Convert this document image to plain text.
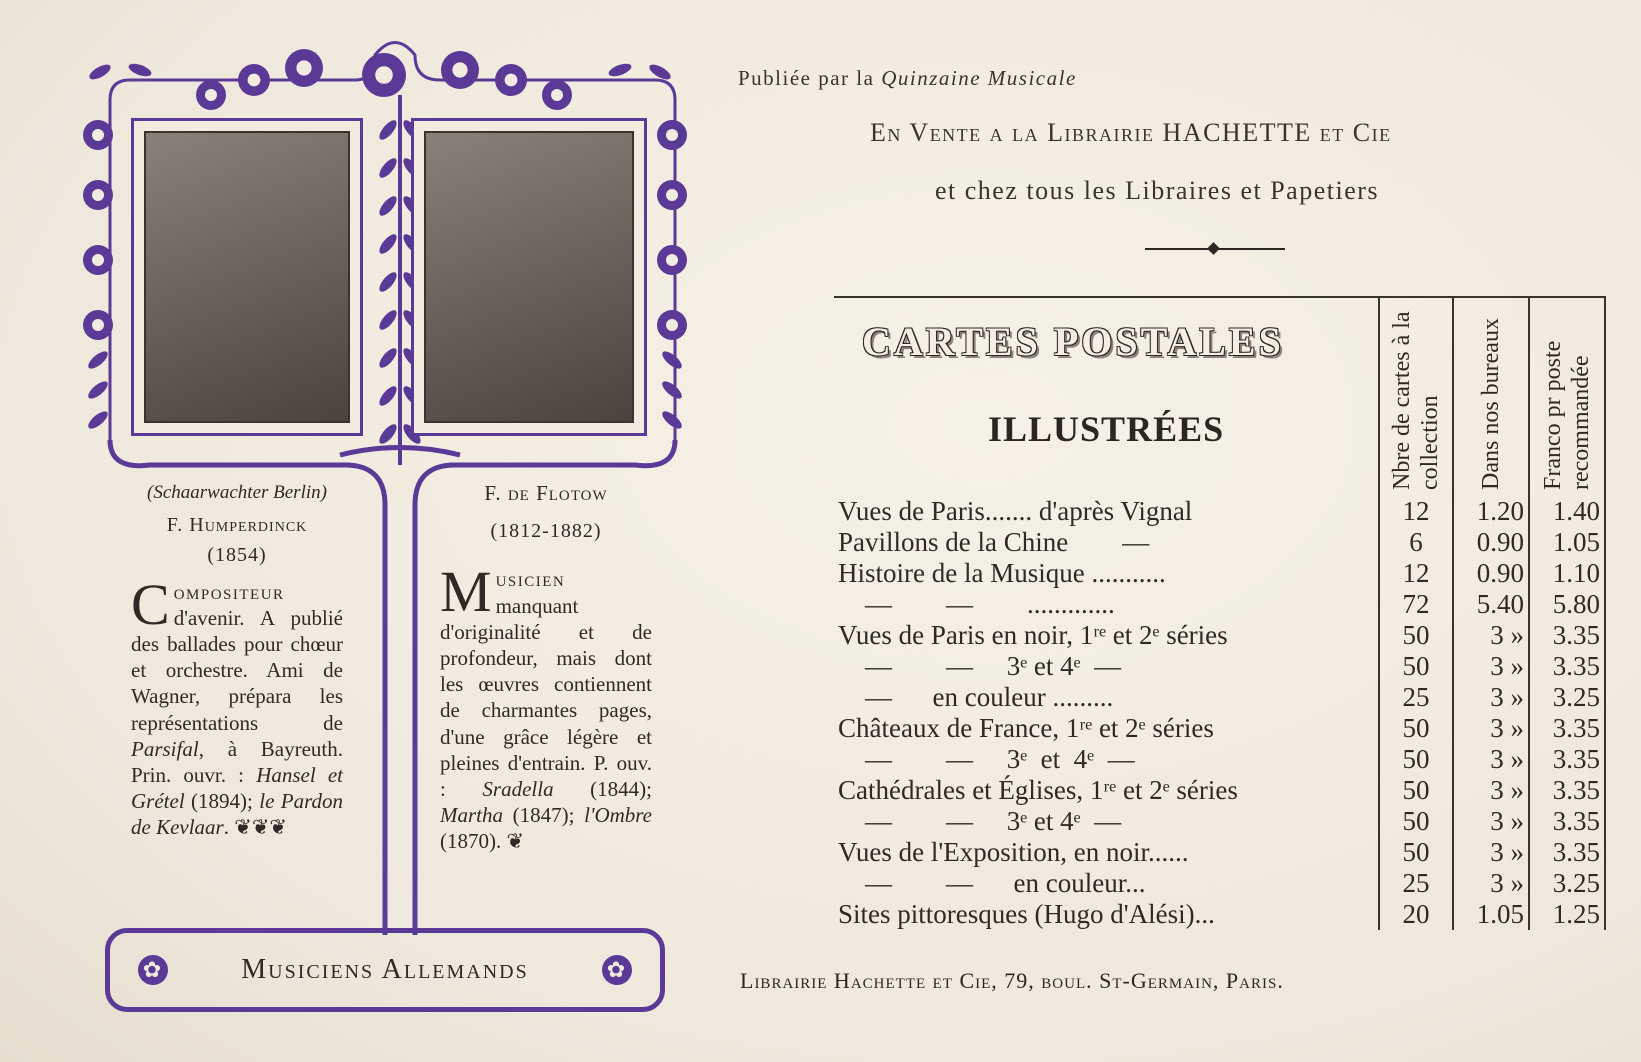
(Schaarwachter Berlin)
F. Humperdinck
(1854)
C ompositeur d'avenir. A publié des ballades pour chœur et orchestre. Ami de Wagner, prépara les représentations de Parsifal, à Bayreuth. Prin. ouvr. : Hansel et Grétel (1894); le Pardon de Kevlaar. ❦❦❦
F. de Flotow
(1812-1882)
M usicien manquant d'originalité et de profondeur, mais dont les œuvres contiennent de charmantes pages, d'une grâce légère et pleines d'entrain. P. ouv. : Sradella (1844); Martha (1847); l'Ombre (1870). ❦
✿	Musiciens Allemands	✿
Publiée par la Quinzaine Musicale
En Vente a la Librairie HACHETTE et Cie
et chez tous les Libraires et Papetiers
CARTES POSTALES
ILLUSTRÉES

	Nbre de cartes à la collection	Dans nos bureaux	Franco pr poste recommandée

Vues de Paris....... d'après Vignal	12	1.20	1.40
Pavillons de la Chine        —	6	0.90	1.05
Histoire de la Musique ...........	12	0.90	1.10
—        —        .............	72	5.40	5.80
Vues de Paris en noir, 1ʳᵉ et 2ᵉ séries	50	3 »	3.35
—        —     3ᵉ et 4ᵉ  —	50	3 »	3.35
—      en couleur .........	25	3 »	3.25
Châteaux de France, 1ʳᵉ et 2ᵉ séries	50	3 »	3.35
—        —     3ᵉ  et  4ᵉ  —	50	3 »	3.35
Cathédrales et Églises, 1ʳᵉ et 2ᵉ séries	50	3 »	3.35
—        —     3ᵉ et 4ᵉ  —	50	3 »	3.35
Vues de l'Exposition, en noir......	50	3 »	3.35
—        —      en couleur...	25	3 »	3.25
Sites pittoresques (Hugo d'Alési)...	20	1.05	1.25
Librairie Hachette et Cie, 79, boul. St-Germain, Paris.
